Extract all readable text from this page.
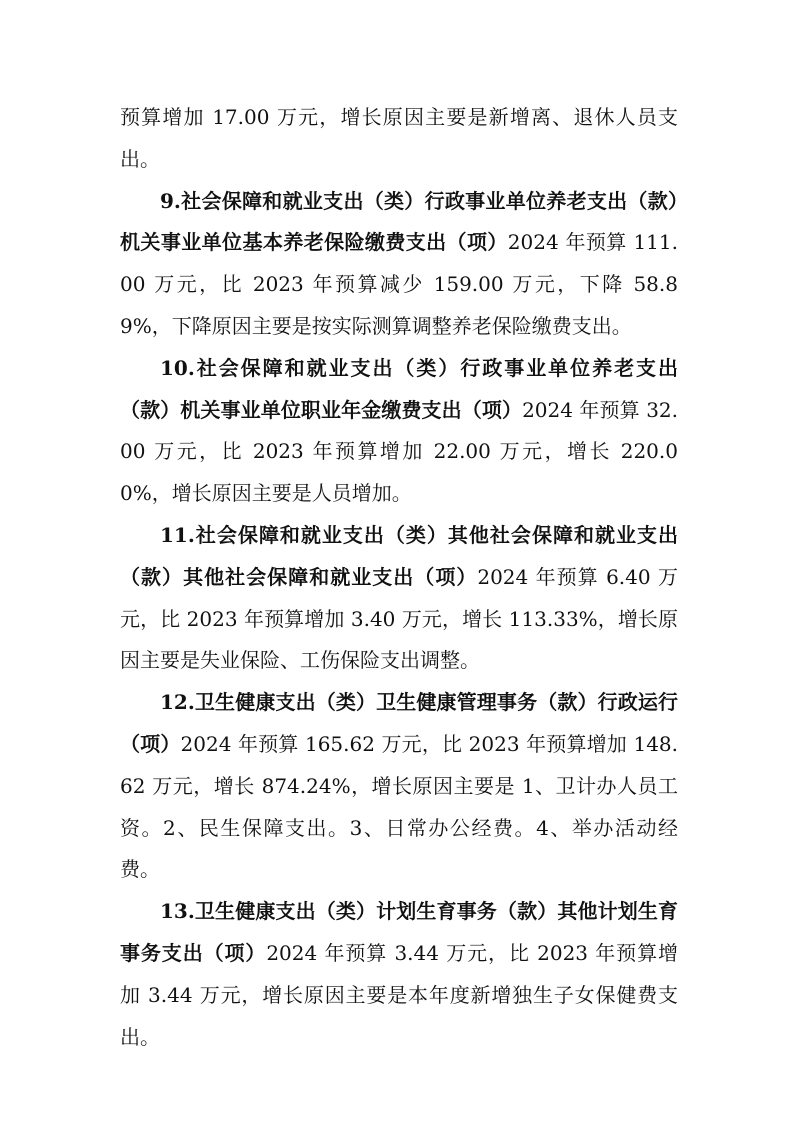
预算增加 17.00 万元，增长原因主要是新增离、退休人员支出。

9.社会保障和就业支出（类）行政事业单位养老支出（款）机关事业单位基本养老保险缴费支出（项）2024 年预算 111.00 万元，比 2023 年预算减少 159.00 万元，下降 58.89%，下降原因主要是按实际测算调整养老保险缴费支出。

10.社会保障和就业支出（类）行政事业单位养老支出（款）机关事业单位职业年金缴费支出（项）2024 年预算 32.00 万元，比 2023 年预算增加 22.00 万元，增长 220.00%，增长原因主要是人员增加。

11.社会保障和就业支出（类）其他社会保障和就业支出（款）其他社会保障和就业支出（项）2024 年预算 6.40 万元，比 2023 年预算增加 3.40 万元，增长 113.33%，增长原因主要是失业保险、工伤保险支出调整。

12.卫生健康支出（类）卫生健康管理事务（款）行政运行（项）2024 年预算 165.62 万元，比 2023 年预算增加 148.62 万元，增长 874.24%，增长原因主要是 1、卫计办人员工资。2、民生保障支出。3、日常办公经费。4、举办活动经费。

13.卫生健康支出（类）计划生育事务（款）其他计划生育事务支出（项）2024 年预算 3.44 万元，比 2023 年预算增加 3.44 万元，增长原因主要是本年度新增独生子女保健费支出。
